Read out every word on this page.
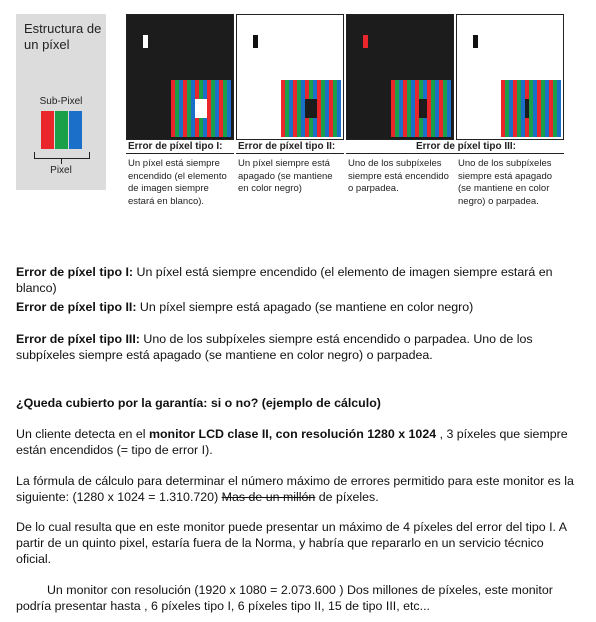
Estructura de un píxel
Sub-Pixel
Pixel
Error de píxel tipo I:
Un píxel está siempre encendido (el elemento de imagen siempre estará en blanco).
Error de píxel tipo II:
Un píxel siempre está apagado (se mantiene en color negro)
Error de píxel tipo III:
Uno de los subpíxeles siempre está encendido o parpadea.
Uno de los subpíxeles siempre está apagado (se mantiene en color negro) o parpadea.

Error de píxel tipo I: Un píxel está siempre encendido (el elemento de imagen siempre estará en blanco)

Error de píxel tipo II: Un píxel siempre está apagado (se mantiene en color negro)

Error de píxel tipo III: Uno de los subpíxeles siempre está encendido o parpadea. Uno de los subpíxeles siempre está apagado (se mantiene en color negro) o parpadea.

¿Queda cubierto por la garantía: si o no? (ejemplo de cálculo)

Un cliente detecta en el monitor LCD clase II, con resolución 1280 x 1024 , 3 píxeles que siempre están encendidos (= tipo de error I).

La fórmula de cálculo para determinar el número máximo de errores permitido para este monitor es la siguiente: (1280 x 1024 = 1.310.720) Mas de un millón de píxeles.

De lo cual resulta que en este monitor puede presentar un máximo de 4 píxeles del error del tipo I. A partir de un quinto pixel, estaría fuera de la Norma, y habría que repararlo en un servicio técnico oficial.

Un monitor con resolución (1920 x 1080 = 2.073.600 ) Dos millones de píxeles, este monitor podría presentar hasta , 6 píxeles tipo I, 6 píxeles tipo II, 15 de tipo III, etc...
